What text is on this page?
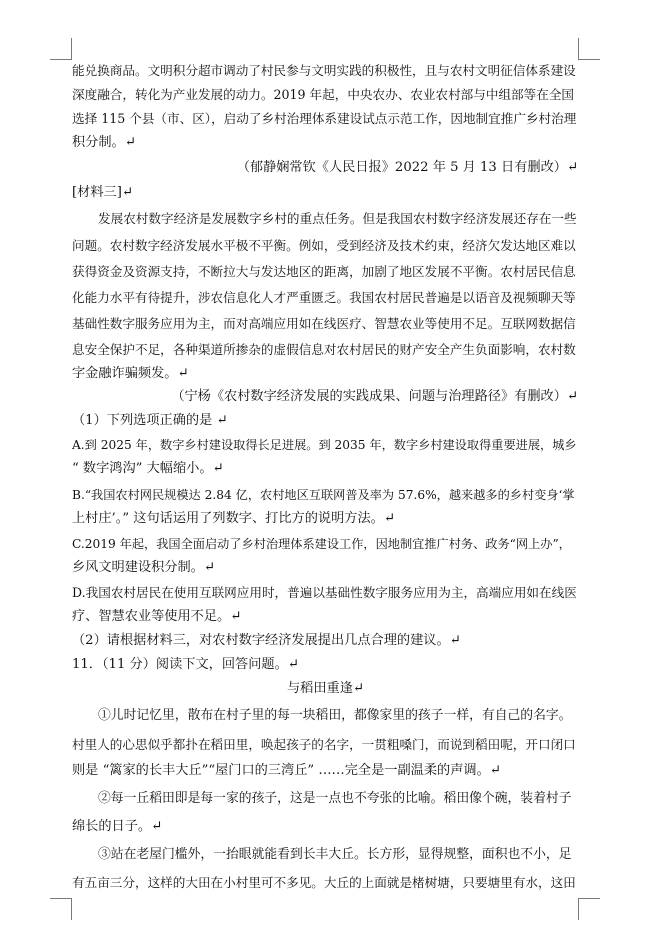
能兑换商品。文明积分超市调动了村民参与文明实践的积极性，且与农村文明征信体系建设
深度融合，转化为产业发展的动力。2019 年起，中央农办、农业农村部与中组部等在全国
选择 115 个县（市、区），启动了乡村治理体系建设试点示范工作，因地制宜推广乡村治理
积分制。↵
（郁静娴常钦《人民日报》2022 年 5 月 13 日有删改）↵
[材料三]↵
发展农村数字经济是发展数字乡村的重点任务。但是我国农村数字经济发展还存在一些
问题。农村数字经济发展水平极不平衡。例如，受到经济及技术约束，经济欠发达地区难以
获得资金及资源支持，不断拉大与发达地区的距离，加剧了地区发展不平衡。农村居民信息
化能力水平有待提升，涉农信息化人才严重匮乏。我国农村居民普遍是以语音及视频聊天等
基础性数字服务应用为主，而对高端应用如在线医疗、智慧农业等使用不足。互联网数据信
息安全保护不足，各种渠道所掺杂的虚假信息对农村居民的财产安全产生负面影响，农村数
字金融诈骗频发。↵
（宁杨《农村数字经济发展的实践成果、问题与治理路径》有删改）↵
（1）下列选项正确的是 ↵
A.到 2025 年，数字乡村建设取得长足进展。到 2035 年，数字乡村建设取得重要进展，城乡
“ 数字鸿沟” 大幅缩小。↵
B.“我国农村网民规模达 2.84 亿，农村地区互联网普及率为 57.6%，越来越多的乡村变身‘掌
上村庄’。” 这句话运用了列数字、打比方的说明方法。↵
C.2019 年起，我国全面启动了乡村治理体系建设工作，因地制宜推广村务、政务“网上办”，
乡风文明建设积分制。↵
D.我国农村居民在使用互联网应用时，普遍以基础性数字服务应用为主，高端应用如在线医
疗、智慧农业等使用不足。↵
（2）请根据材料三，对农村数字经济发展提出几点合理的建议。↵
11．（11 分）阅读下文，回答问题。↵
与稻田重逢↵
①儿时记忆里，散布在村子里的每一块稻田，都像家里的孩子一样，有自己的名字。
村里人的心思似乎都扑在稻田里，唤起孩子的名字，一贯粗嗓门，而说到稻田呢，开口闭口
则是 “篱家的长丰大丘”“屋门口的三湾丘” ……完全是一副温柔的声调。↵
②每一丘稻田即是每一家的孩子，这是一点也不夸张的比喻。稻田像个碗，装着村子
绵长的日子。↵
③站在老屋门槛外，一抬眼就能看到长丰大丘。长方形，显得规整，面积也不小，足
有五亩三分，这样的大田在小村里可不多见。大丘的上面就是楮树塘，只要塘里有水，这田
